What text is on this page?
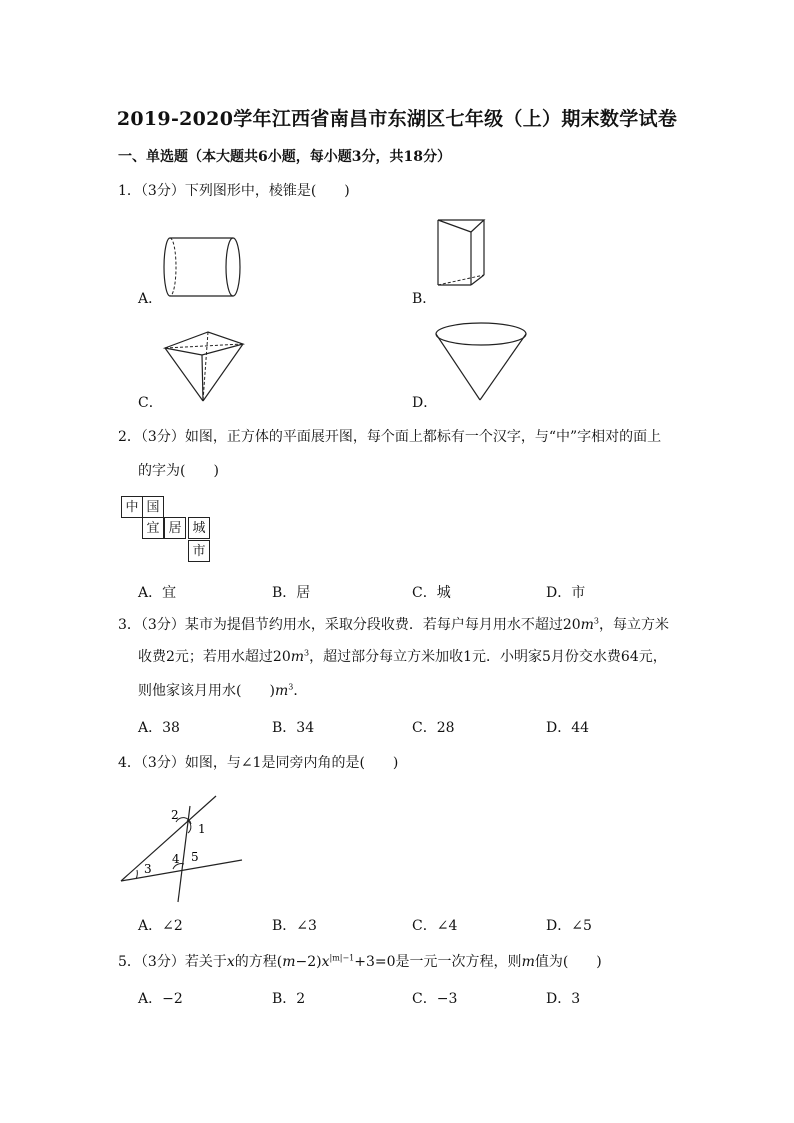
2019-2020学年江西省南昌市东湖区七年级（上）期末数学试卷
一、单选题（本大题共6小题，每小题3分，共18分）
1．（3分）下列图形中，棱锥是(　　)
A．	B．
C．	D．
2．（3分）如图，正方体的平面展开图，每个面上都标有一个汉字，与“中”字相对的面上
的字为(　　)
中 国
宜 居 城
市
A．宜	B．居	C．城	D．市
3．（3分）某市为提倡节约用水，采取分段收费．若每户每月用水不超过$20m^3$，每立方米
收费2元；若用水超过$20m^3$，超过部分每立方米加收1元．小明家5月份交水费64元，
则他家该月用水(　　)$m^3$．
A．38	B．34	C．28	D．44
4．（3分）如图，与∠1是同旁内角的是(　　)
2
1
3
4 5
A．∠2	B．∠3	C．∠4	D．∠5
5．（3分）若关于x的方程$(m-2)x^{|m|-1}+3=0$是一元一次方程，则m值为(　　)
A．−2	B．2	C．−3	D．3
